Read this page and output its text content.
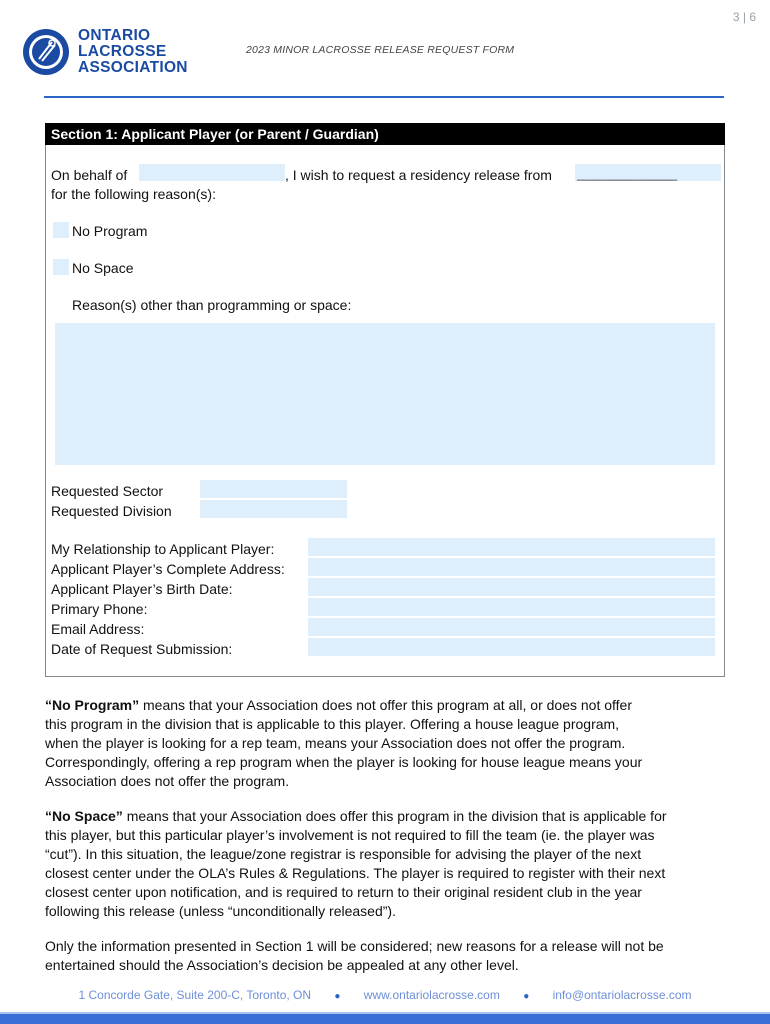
3 | 6
ONTARIO
LACROSSE
ASSOCIATION
2023 MINOR LACROSSE RELEASE REQUEST FORM
Section 1: Applicant Player (or Parent / Guardian)
On behalf of	, I wish to request a residency release from _______________
for the following reason(s):
No Program
No Space
Reason(s) other than programming or space:
Requested Sector
Requested Division
My Relationship to Applicant Player:
Applicant Player’s Complete Address:
Applicant Player’s Birth Date:
Primary Phone:
Email Address:
Date of Request Submission:
“No Program” means that your Association does not offer this program at all, or does not offer
this program in the division that is applicable to this player. Offering a house league program,
when the player is looking for a rep team, means your Association does not offer the program.
Correspondingly, offering a rep program when the player is looking for house league means your
Association does not offer the program.
“No Space” means that your Association does offer this program in the division that is applicable for
this player, but this particular player’s involvement is not required to fill the team (ie. the player was
“cut”). In this situation, the league/zone registrar is responsible for advising the player of the next
closest center under the OLA’s Rules & Regulations. The player is required to register with their next
closest center upon notification, and is required to return to their original resident club in the year
following this release (unless “unconditionally released”).
Only the information presented in Section 1 will be considered; new reasons for a release will not be
entertained should the Association’s decision be appealed at any other level.
1 Concorde Gate, Suite 200-C, Toronto, ON ● www.ontariolacrosse.com ● info@ontariolacrosse.com
